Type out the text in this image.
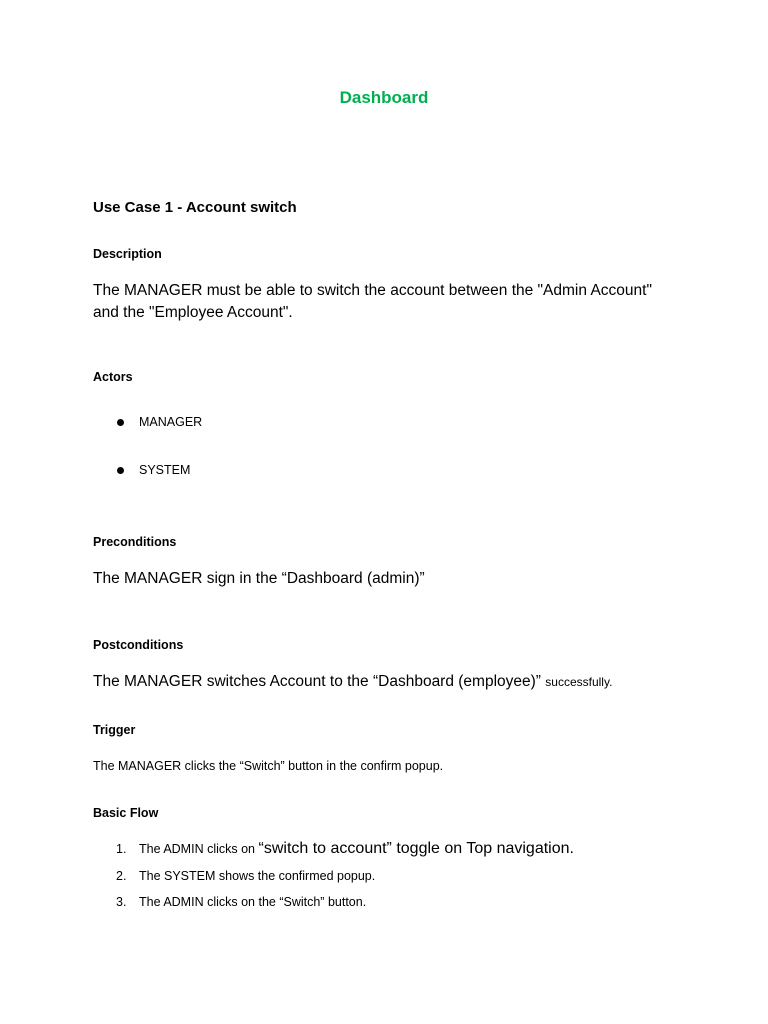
Dashboard
Use Case 1 - Account switch
Description
The MANAGER must be able to switch the account between the "Admin Account" and the "Employee Account".
Actors
MANAGER
SYSTEM
Preconditions
The MANAGER sign in the “Dashboard (admin)”
Postconditions
The MANAGER switches Account to the “Dashboard (employee)” successfully.
Trigger
The MANAGER clicks the “Switch” button in the confirm popup.
Basic Flow
1.	The ADMIN clicks on
“switch to account” toggle on Top navigation.
2.	The SYSTEM shows the confirmed popup.
3.	The ADMIN clicks on the “Switch” button.
